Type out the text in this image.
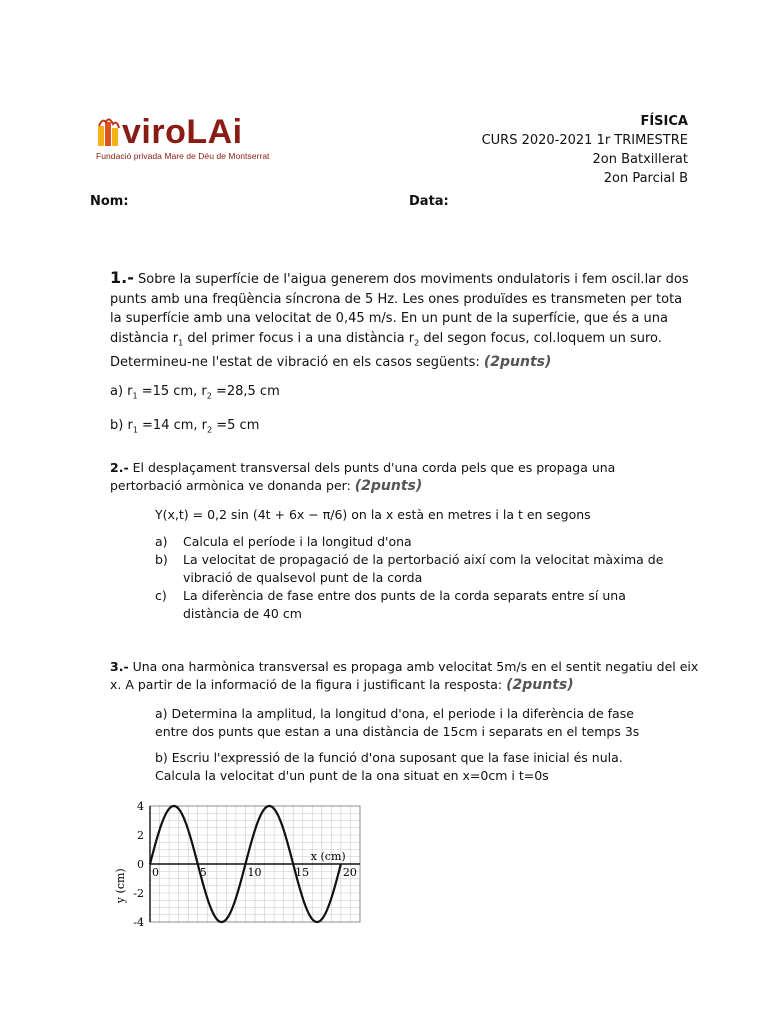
viroLAi
Fundació privada Mare de Déu de Montserrat
FÍSICA
CURS 2020-2021 1r TRIMESTRE
2on Batxillerat
2on Parcial B
Nom:	Data:

1.- Sobre la superfície de l'aigua generem dos moviments ondulatoris i fem oscil.lar dos punts amb una freqüència síncrona de 5 Hz. Les ones produïdes es transmeten per tota la superfície amb una velocitat de 0,45 m/s. En un punt de la superfície, que és a una distància $r_1$ del primer focus i a una distància $r_2$ del segon focus, col.loquem un suro. Determineu-ne l'estat de vibració en els casos següents: (2punts)

a) $r_1 =15$ cm, $r_2 =28,5$ cm

b) $r_1 =14$ cm, $r_2 =5$ cm

2.- El desplaçament transversal dels punts d'una corda pels que es propaga una pertorbació armònica ve donanda per: (2punts)

Y(x,t) = 0,2 sin (4t + 6x − π/6) on la x està en metres i la t en segons

a) Calcula el període i la longitud d'ona

b) La velocitat de propagació de la pertorbació així com la velocitat màxima de vibració de qualsevol punt de la corda

c) La diferència de fase entre dos punts de la corda separats entre sí una distància de 40 cm

3.- Una ona harmònica transversal es propaga amb velocitat 5m/s en el sentit negatiu del eix x. A partir de la informació de la figura i justificant la resposta: (2punts)

a) Determina la amplitud, la longitud d'ona, el periode i la diferència de fase entre dos punts que estan a una distància de 15cm i separats en el temps 3s
b) Escriu l'expressió de la funció d'ona suposant que la fase inicial és nula. Calcula la velocitat d'un punt de la ona situat en x=0cm i t=0s
0	5	10	15	20
4
2
0
-2
-4
x (cm)
y (cm)
